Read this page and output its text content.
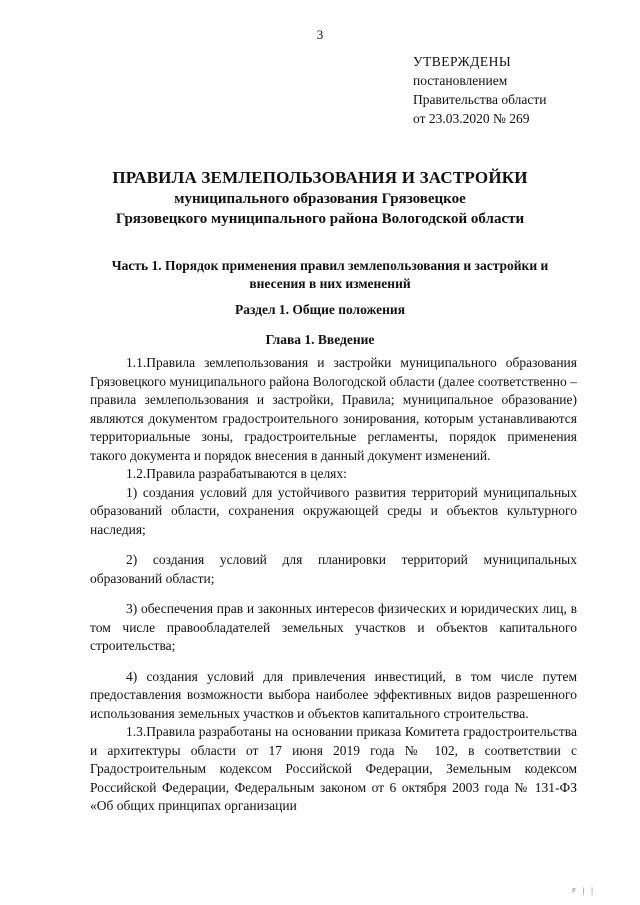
3
УТВЕРЖДЕНЫ
постановлением
Правительства области
от 23.03.2020 № 269
ПРАВИЛА ЗЕМЛЕПОЛЬЗОВАНИЯ И ЗАСТРОЙКИ
муниципального образования Грязовецкое
Грязовецкого муниципального района Вологодской области
Часть 1. Порядок применения правил землепользования и застройки и внесения в них изменений
Раздел 1. Общие положения
Глава 1. Введение

1.1.Правила землепользования и застройки муниципального образования Грязовецкого муниципального района Вологодской области (далее соответственно – правила землепользования и застройки, Правила; муниципальное образование) являются документом градостроительного зонирования, которым устанавливаются территориальные зоны, градостроительные регламенты, порядок применения такого документа и порядок внесения в данный документ изменений.

1.2.Правила разрабатываются в целях:

1) создания условий для устойчивого развития территорий муниципальных образований области, сохранения окружающей среды и объектов культурного наследия;

2) создания условий для планировки территорий муниципальных образований области;

3) обеспечения прав и законных интересов физических и юридических лиц, в том числе правообладателей земельных участков и объектов капитального строительства;

4) создания условий для привлечения инвестиций, в том числе путем предоставления возможности выбора наиболее эффективных видов разрешенного использования земельных участков и объектов капитального строительства.

1.3.Правила разработаны на основании приказа Комитета градостроительства и архитектуры области от 17 июня 2019 года № 102, в соответствии с Градостроительным кодексом Российской Федерации, Земельным кодексом Российской Федерации, Федеральным законом от 6 октября 2003 года № 131-ФЗ «Об общих принципах организации

F | |
